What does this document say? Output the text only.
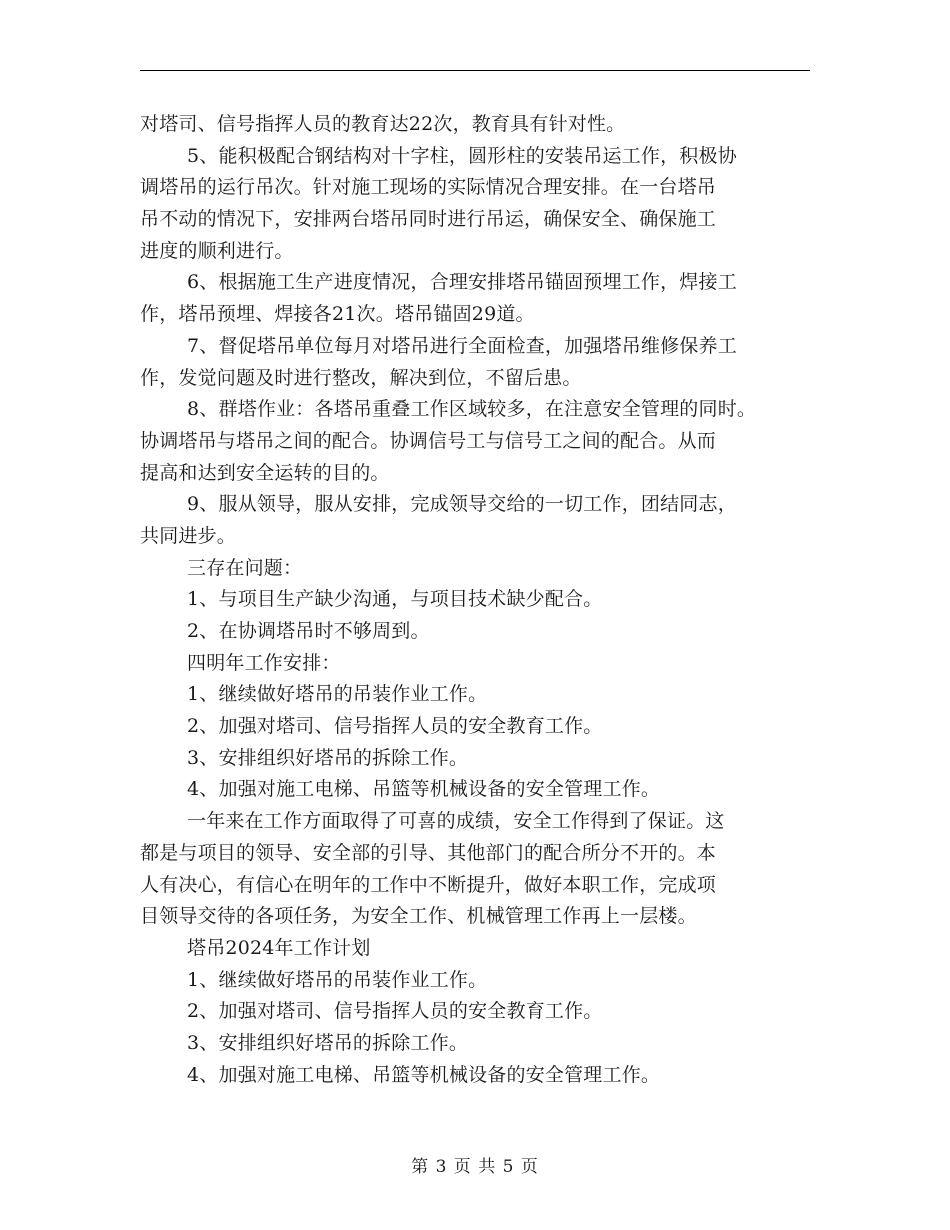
对塔司、信号指挥人员的教育达22次，教育具有针对性。
5、能积极配合钢结构对十字柱，圆形柱的安装吊运工作，积极协
调塔吊的运行吊次。针对施工现场的实际情况合理安排。在一台塔吊
吊不动的情况下，安排两台塔吊同时进行吊运，确保安全、确保施工
进度的顺利进行。
6、根据施工生产进度情况，合理安排塔吊锚固预埋工作，焊接工
作，塔吊预埋、焊接各21次。塔吊锚固29道。
7、督促塔吊单位每月对塔吊进行全面检查，加强塔吊维修保养工
作，发觉问题及时进行整改，解决到位，不留后患。
8、群塔作业：各塔吊重叠工作区域较多，在注意安全管理的同时。
协调塔吊与塔吊之间的配合。协调信号工与信号工之间的配合。从而
提高和达到安全运转的目的。
9、服从领导，服从安排，完成领导交给的一切工作，团结同志，
共同进步。
三存在问题：
1、与项目生产缺少沟通，与项目技术缺少配合。
2、在协调塔吊时不够周到。
四明年工作安排：
1、继续做好塔吊的吊装作业工作。
2、加强对塔司、信号指挥人员的安全教育工作。
3、安排组织好塔吊的拆除工作。
4、加强对施工电梯、吊篮等机械设备的安全管理工作。
一年来在工作方面取得了可喜的成绩，安全工作得到了保证。这
都是与项目的领导、安全部的引导、其他部门的配合所分不开的。本
人有决心，有信心在明年的工作中不断提升，做好本职工作，完成项
目领导交待的各项任务，为安全工作、机械管理工作再上一层楼。
塔吊2024年工作计划
1、继续做好塔吊的吊装作业工作。
2、加强对塔司、信号指挥人员的安全教育工作。
3、安排组织好塔吊的拆除工作。
4、加强对施工电梯、吊篮等机械设备的安全管理工作。
第 3 页 共 5 页
